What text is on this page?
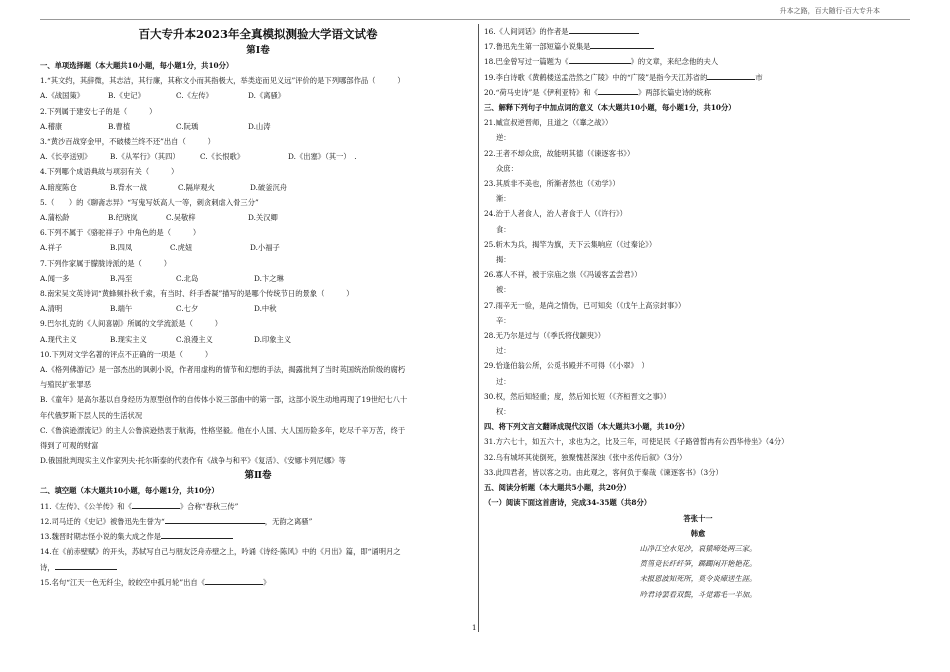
升本之路，百大随行-百大专升本
百大专升本2023年全真模拟测验大学语文试卷
第Ⅰ卷
一、单项选择题（本大题共10小题，每小题1分，共10分）
1.“其文约，其辞微，其志洁，其行廉，其称文小而其指极大，举类迩而见义远”评价的是下列哪部作品（　　　）
A.《战国策》	B.《史记》	C.《左传》	D.《离骚》
2.下列属于建安七子的是（　　　）
A.稽康	B.曹植	C.阮瑀	D.山涛
3.“黄沙百战穿金甲，不破楼兰终不还”出自（　　　）
A.《长亭送别》	B.《从军行》（其四）	C.《长恨歌》	D.《出塞》（其一）　.
4.下列哪个成语典故与项羽有关（　　　）
A.暗度陈仓	B.背水一战	C.隔岸观火	D.破釜沉舟
5.（　　）的《聊斋志异》“写鬼写妖高人一等，刺贪刺虐入骨三分”
A.蒲松龄	B.纪晓岚	C.吴敬梓	D.关汉卿
6.下列不属于《骆驼祥子》中角色的是（　　　）
A.祥子	B.四凤	C.虎妞	D.小福子
7.下列作家属于朦胧诗派的是（　　　）
A.闻一多	B.冯至	C.北岛	D.卞之琳
8.南宋吴文英诗词“黄蜂频扑秋千索，有当时、纤手香凝”描写的是哪个传统节日的景象（　　　）
A.清明	B.端午	C.七夕	D.中秋
9.巴尔扎克的《人间喜剧》所属的文学流派是（　　　）
A.现代主义	B.现实主义	C.浪漫主义	D.印象主义
10.下列对文学名著的评点不正确的一项是（　　　）
A.《格列佛游记》是一部杰出的讽刺小说，作者用虚构的情节和幻想的手法，揭露批判了当时英国统治阶级的腐朽
与殖民扩张罪恶
B.《童年》是高尔基以自身经历为原型创作的自传体小说三部曲中的第一部，这部小说生动地再现了19世纪七八十
年代俄罗斯下层人民的生活状况
C.《鲁滨逊漂流记》的主人公鲁滨逊热衷于航海，性格坚毅。他在小人国、大人国历险多年，吃尽千辛万苦，终于
得到了可观的财富
D.俄国批判现实主义作家列夫·托尔斯泰的代表作有《战争与和平》《复活》、《安娜卡列尼娜》等
第Ⅱ卷
二、填空题（本大题共10小题，每小题1分，共10分）
11.《左传》、《公羊传》和《	》合称“春秋三传”
12.司马迁的《史记》被鲁迅先生誉为“	，无韵之离骚”
13.魏晋时期志怪小说的集大成之作是
14.在《前赤壁赋》的开头，苏轼写自己与朋友泛舟赤壁之上，吟诵《诗经·陈风》中的《月出》篇，即“诵明月之
诗，
15.名句“江天一色无纤尘，皎皎空中孤月轮”出自《	》
16.《人间词话》的作者是
17.鲁迅先生第一部短篇小说集是
18.巴金曾写过一篇题为《	》的文章，来纪念他的夫人
19.李白诗歌《黄鹤楼送孟浩然之广陵》中的“广陵”是指今天江苏省的	市
20.“荷马史诗”是《伊利亚特》和《	》两部长篇史诗的统称
三、解释下列句子中加点词的意义（本大题共10小题，每小题1分，共10分）
21.臧宣叔逆晋师，且道之（《鞌之战》）
逆：
22.王者不却众庶，故能明其德（《谏逐客书》）
众庶：
23.其质非不美也，所渐者然也（《劝学》）
渐：
24.治于人者食人，治人者食于人（《许行》）
食：
25.斩木为兵，揭竿为旗，天下云集响应（《过秦论》）
揭：
26.寡人不祥，被于宗庙之祟（《冯谖客孟尝君》）
被：
27.雨辛无一验，是尚之情伪，已可知矣（《戊午上高宗封事》）
辛：
28.无乃尔是过与（《季氏将伐颛臾》）
过：
29.恰逢伯翁公所，公觅书殿并不可得（《小翠》　）
过：
30.权，然后知轻重；度，然后知长短（《齐桓晋文之事》）
权：
四、将下列文言文翻译成现代汉语（本大题共3小题，共10分）
31.方六七十，如五六十，求也为之，比及三年，可使足民《子路曾皙冉有公西华侍坐》（4分）
32.乌有城坏其徒倒死，独聚愧甚深浊《张中丞传后叙》（3分）
33.此四君者，皆以客之功。由此观之，客何负于秦哉《谏逐客书》（3分）
五、阅读分析题（本大题共5小题，共20分）
（一）阅读下面这首唐诗，完成34-35题（共8分）
答张十一
韩愈
山净江空水见沙，哀猿啼处两三家。
筼筜竞长纤纤笋，踯躅闲开艳艳花。
未报恩波知死所，莫令炎瘴送生涯。
吟君诗罢看双鬓，斗觉霜毛一半加。
1
